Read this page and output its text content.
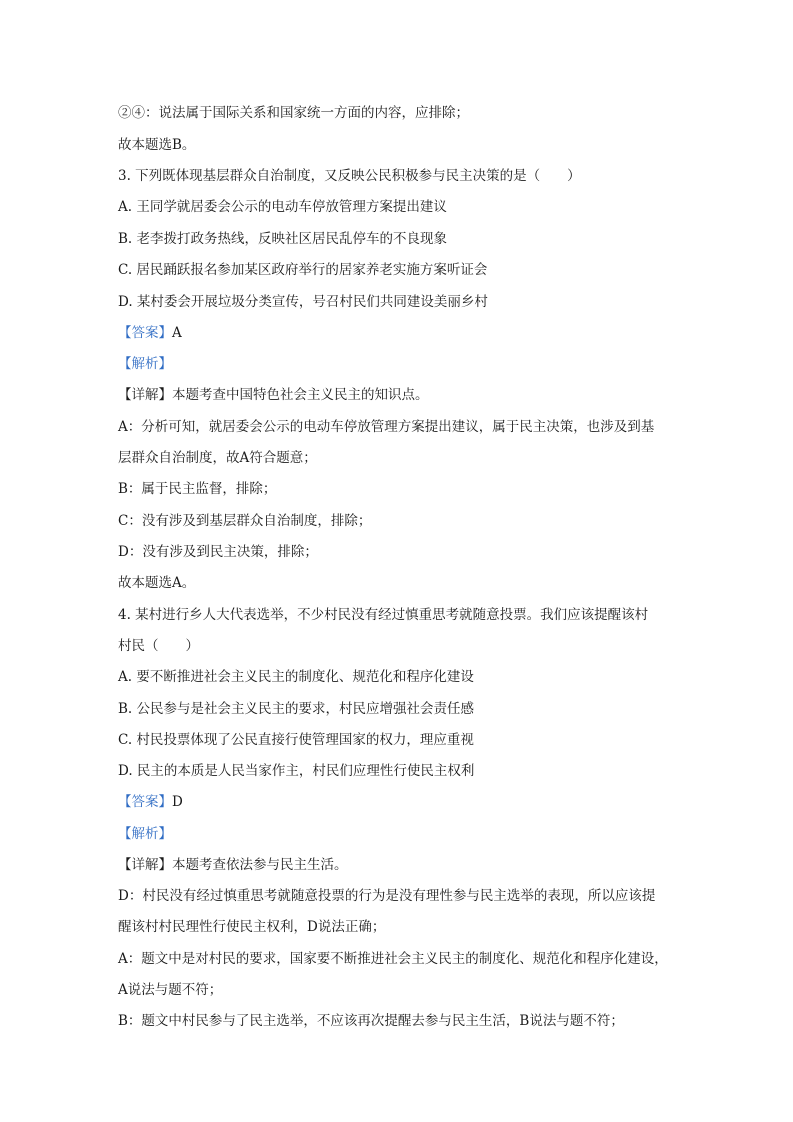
②④：说法属于国际关系和国家统一方面的内容，应排除；
故本题选B。
3. 下列既体现基层群众自治制度，又反映公民积极参与民主决策的是（　　）
A. 王同学就居委会公示的电动车停放管理方案提出建议
B. 老李拨打政务热线，反映社区居民乱停车的不良现象
C. 居民踊跃报名参加某区政府举行的居家养老实施方案听证会
D. 某村委会开展垃圾分类宣传，号召村民们共同建设美丽乡村
【答案】A
【解析】
【详解】本题考查中国特色社会主义民主的知识点。
A：分析可知，就居委会公示的电动车停放管理方案提出建议，属于民主决策，也涉及到基
层群众自治制度，故A符合题意；
B：属于民主监督，排除；
C：没有涉及到基层群众自治制度，排除；
D：没有涉及到民主决策，排除；
故本题选A。
4. 某村进行乡人大代表选举，不少村民没有经过慎重思考就随意投票。我们应该提醒该村
村民（　　）
A. 要不断推进社会主义民主的制度化、规范化和程序化建设
B. 公民参与是社会主义民主的要求，村民应增强社会责任感
C. 村民投票体现了公民直接行使管理国家的权力，理应重视
D. 民主的本质是人民当家作主，村民们应理性行使民主权利
【答案】D
【解析】
【详解】本题考查依法参与民主生活。
D：村民没有经过慎重思考就随意投票的行为是没有理性参与民主选举的表现，所以应该提
醒该村村民理性行使民主权利，D说法正确；
A：题文中是对村民的要求，国家要不断推进社会主义民主的制度化、规范化和程序化建设，
A说法与题不符；
B：题文中村民参与了民主选举，不应该再次提醒去参与民主生活，B说法与题不符；
